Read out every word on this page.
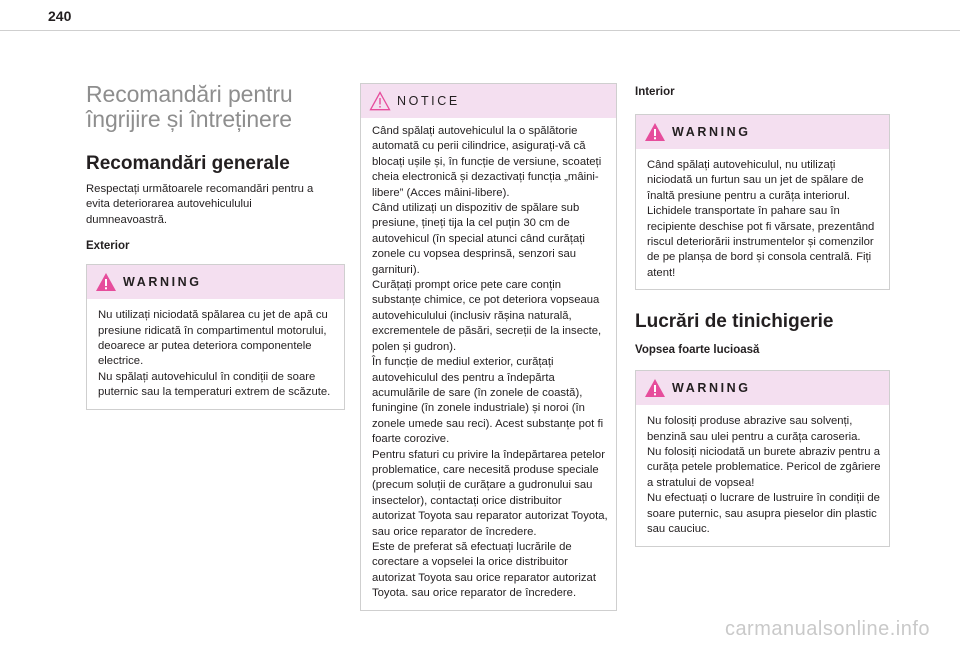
240
Recomandări pentru
îngrijire și întreținere
Recomandări generale

Respectați următoarele recomandări pentru a evita deteriorarea autovehiculului dumneavoastră.

Exterior

WARNING

Nu utilizați niciodată spălarea cu jet de apă cu presiune ridicată în compartimentul motorului, deoarece ar putea deteriora componentele electrice.
Nu spălați autovehiculul în condiții de soare puternic sau la temperaturi extrem de scăzute.

NOTICE

Când spălați autovehiculul la o spălătorie automată cu perii cilindrice, asigurați-vă că blocați ușile și, în funcție de versiune, scoateți cheia electronică și dezactivați funcția „mâini-libere” (Acces mâini-libere).
Când utilizați un dispozitiv de spălare sub presiune, țineți tija la cel puțin 30 cm de autovehicul (în special atunci când curățați zonele cu vopsea desprinsă, senzori sau garnituri).
Curățați prompt orice pete care conțin substanțe chimice, ce pot deteriora vopseaua autovehiculului (inclusiv rășina naturală, excrementele de păsări, secreții de la insecte, polen și gudron).
În funcție de mediul exterior, curățați autovehiculul des pentru a îndepărta acumulările de sare (în zonele de coastă), funingine (în zonele industriale) și noroi (în zonele umede sau reci). Acest substanțe pot fi foarte corozive.
Pentru sfaturi cu privire la îndepărtarea petelor problematice, care necesită produse speciale (precum soluții de curățare a gudronului sau insectelor), contactați orice distribuitor autorizat Toyota sau reparator autorizat Toyota, sau orice reparator de încredere.
Este de preferat să efectuați lucrările de corectare a vopselei la orice distribuitor autorizat Toyota sau orice reparator autorizat Toyota. sau orice reparator de încredere.

Interior

WARNING

Când spălați autovehiculul, nu utilizați niciodată un furtun sau un jet de spălare de înaltă presiune pentru a curăța interiorul.
Lichidele transportate în pahare sau în recipiente deschise pot fi vărsate, prezentând riscul deteriorării instrumentelor și comenzilor de pe planșa de bord și consola centrală. Fiți atent!

Lucrări de tinichigerie

Vopsea foarte lucioasă

WARNING

Nu folosiți produse abrazive sau solvenți, benzină sau ulei pentru a curăța caroseria.
Nu folosiți niciodată un burete abraziv pentru a curăța petele problematice. Pericol de zgâriere a stratului de vopsea!
Nu efectuați o lucrare de lustruire în condiții de soare puternic, sau asupra pieselor din plastic sau cauciuc.

carmanualsonline.info
